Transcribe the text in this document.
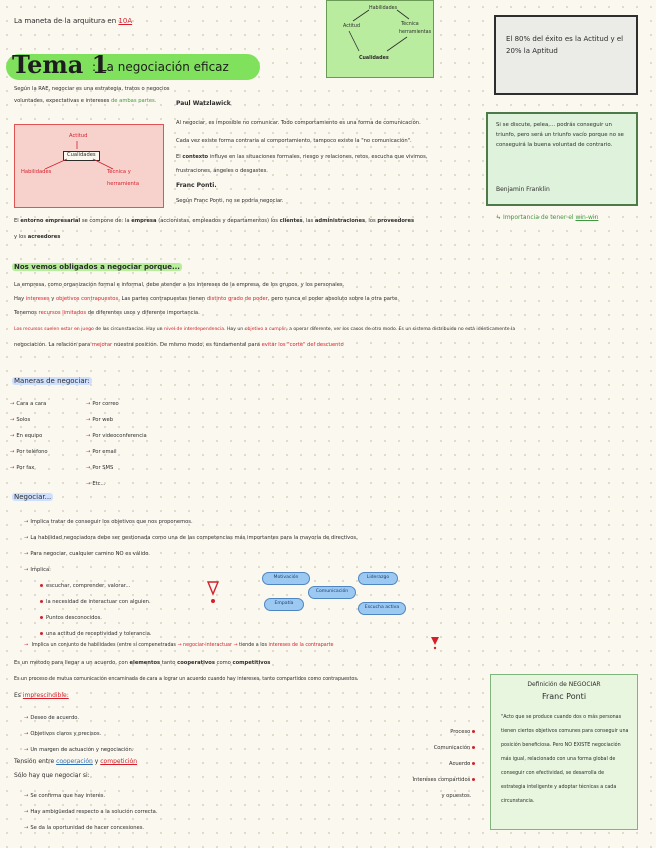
La maneta de la arquitura en 10A
Habilidades
Actitud	Técnica
herramientas
Cualidades
El 80% del éxito es la Actitud y el 20% la Aptitud
Tema 1
: La negociación eficaz
Según la RAE, negociar es una estrategia, tratos o negocios
voluntades, expectativas e intereses de ambas partes.	Paul Watzlawick
Al negociar, es imposible no comunicar. Todo comportamiento es una forma de comunicación.
Cada vez existe forma contraria al comportamiento, tampoco existe la "no comunicación".
El contexto influye en las situaciones formales, riesgo y relaciones, retos, escucha que vivimos,
frustraciones, ángeles o desgastes.
Franc Ponti.
Según Franc Ponti, no se podría negociar.
Actitud
Cualidades
Habilidades	Técnica y
herramienta
Si se discute, pelea,... podrás conseguir un triunfo, pero será un triunfo vacío porque no se conseguirá la buena voluntad de contrario.
Benjamin Franklin
↳ Importancia de tener el win-win
El entorno empresarial se compone de: la empresa (accionistas, empleados y departamentos) los clientes, las administraciones, los proveedores
y los acreedores
Nos vemos obligados a negociar porque...
La empresa, como organización formal e informal, debe atender a los intereses de la empresa, de los grupos, y los personales.
Hay intereses y objetivos contrapuestos. Las partes contrapuestas tienen distinto grado de poder, pero nunca el poder absoluto sobre la otra parte.
Tenemos recursos limitados de diferentes usos y diferente importancia.
Los recursos suelen estar en juego de las circunstancias. Hay un nivel de interdependencia. Hay un objetivo a cumplir, a operar diferente, ver los casos de otro modo. Es un sistema distribuido no está idénticamente la
negociación. La relación para mejorar nuestra posición. De mismo modo, es fundamental para evitar los "corte" del descuento
Maneras de negociar:
→ Cara a cara
→ Solos
→ En equipo
→ Por teléfono
→ Por fax
→ Por correo
→ Por web
→ Por videoconferencia
→ Por email
→ Por SMS
→ Etc...
Negociar...
→ Implica tratar de conseguir los objetivos que nos proponemos.
→ La habilidad negociadora debe ser gestionada como una de las competencias más importantes para la mayoría de directivos.
→ Para negociar, cualquier camino NO es válido.
→ Implica:
escuchar, comprender, valorar...
la necesidad de interactuar con alguien.
Puntos desconocidos.
una actitud de receptividad y tolerancia.
Motivación	Liderazgo
Comunicación
Empatía
Escucha activa
→ Implica un conjunto de habilidades (entre sí compenetradas → negociar-interactuar → tiende a los intereses de la contraparte
Es un método para llegar a un acuerdo, con elementos tanto cooperativos como competitivos
Es un proceso de mutua comunicación encaminada de cara a lograr un acuerdo cuando hay intereses, tanto compartidos como contrapuestos.
Es imprescindible:
→ Deseo de acuerdo.
→ Objetivos claros y precisos.
→ Un margen de actuación y negociación.
Tensión entre cooperación y competición
Sólo hay que negociar si:
→ Se confirma que hay interés.
→ Hay ambigüedad respecto a la solución correcta.
→ Se da la oportunidad de hacer concesiones.
Proceso
Comunicación
Acuerdo
Intereses compartidos
y opuestos.
Definición de NEGOCIAR
Franc Ponti
"Acto que se produce cuando dos o más personas tienen ciertos objetivos comunes para conseguir una posición beneficiosa. Pero NO EXISTE negociación más igual, relacionado con una forma global de conseguir con efectividad, se desarrolla de estrategia inteligente y adoptar técnicas a cada circunstancia.
